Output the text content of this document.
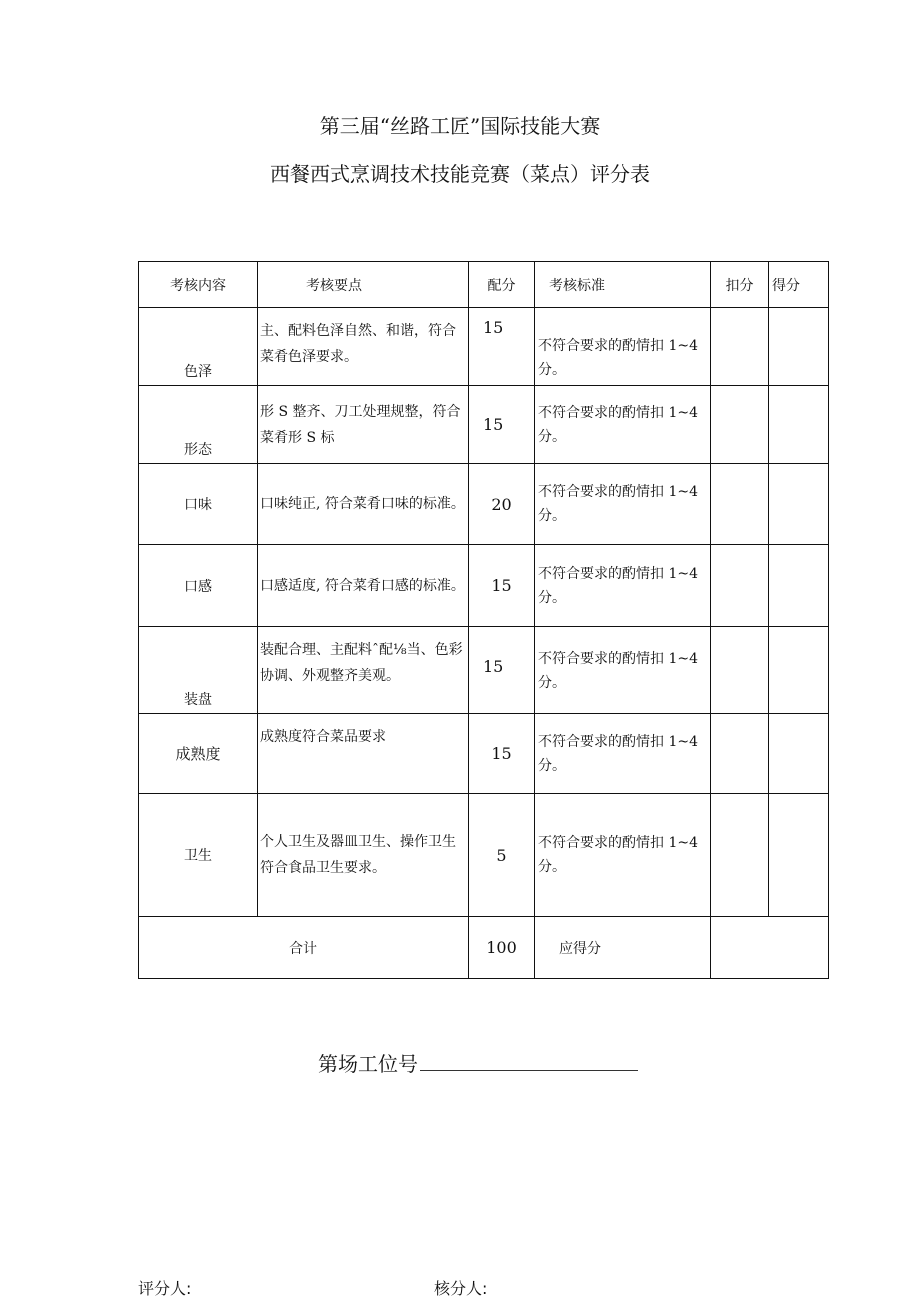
第三届“丝路工匠”国际技能大赛
西餐西式烹调技术技能竞赛（菜点）评分表
考核内容	考核要点	配分	考核标准	扣分	得分
色泽	主、配料色泽自然、和谐，符合菜肴色泽要求。	15	不符合要求的酌情扣 1~4 分。		
形态	形 S 整齐、刀工处理规整，符合菜肴形 S 标	15	不符合要求的酌情扣 1~4 分。		
口味	口味纯正, 符合菜肴口味的标准。	20	不符合要求的酌情扣 1~4 分。		
口感	口感适度, 符合菜肴口感的标准。	15	不符合要求的酌情扣 1~4 分。		
装盘	装配合理、主配料ˆ配⅛当、色彩协调、外观整齐美观。	15	不符合要求的酌情扣 1~4 分。		
成熟度	成熟度符合菜品要求	15	不符合要求的酌情扣 1~4 分。		
卫生	个人卫生及器皿卫生、操作卫生符合食品卫生要求。	5	不符合要求的酌情扣 1~4 分。		
合计		100	应得分		
第场工位号
评分人:	核分人:
